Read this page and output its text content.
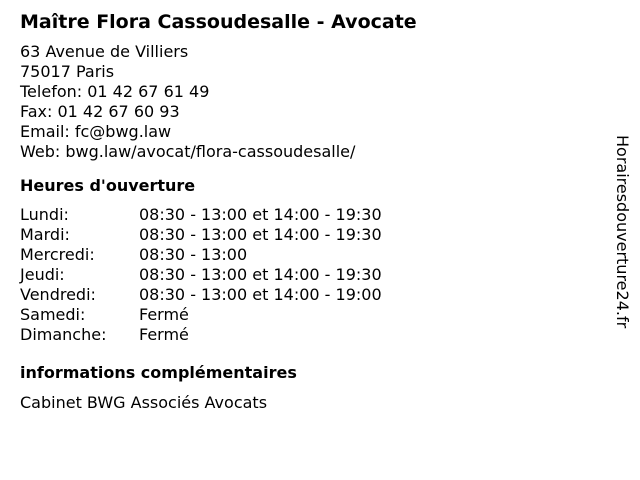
Maître Flora Cassoudesalle - Avocate
63 Avenue de Villiers
75017 Paris
Telefon: 01 42 67 61 49
Fax: 01 42 67 60 93
Email: fc@bwg.law
Web: bwg.law/avocat/flora-cassoudesalle/
Heures d'ouverture
Lundi:	08:30 - 13:00 et 14:00 - 19:30
Mardi:	08:30 - 13:00 et 14:00 - 19:30
Mercredi:	08:30 - 13:00
Jeudi:	08:30 - 13:00 et 14:00 - 19:30
Vendredi:	08:30 - 13:00 et 14:00 - 19:00
Samedi:	Fermé
Dimanche:	Fermé
informations complémentaires
Cabinet BWG Associés Avocats
Horairesdouverture24.fr
